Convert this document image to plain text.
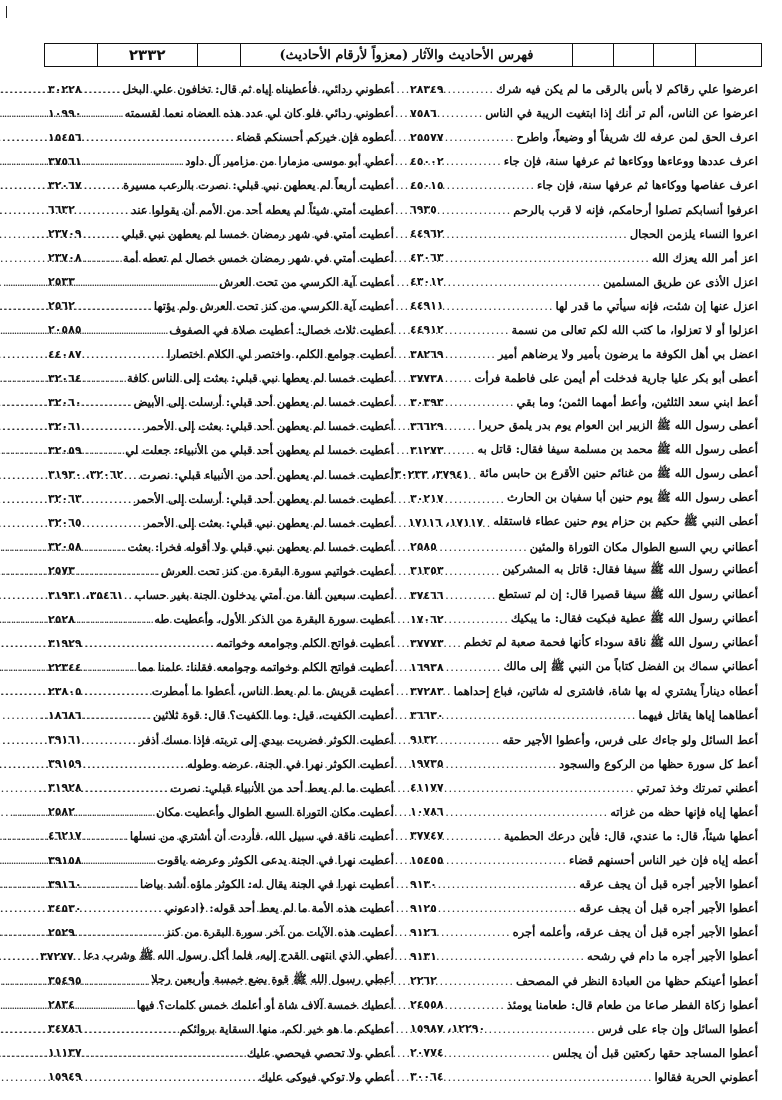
٢٣٣٢	فهرس الأحاديث والآثار (معزواً لأرقام الأحاديث)
أعطوني ردائي، فأعطيناه إياه ثم قال: تخافون علي البخل
.....
٣٠٢٢٨
أعطوني ردائي فلو كان لي عدد هذه العضاه نعما لقسمته
.....
١٠٩٩٠
أعطوه فإن خيركم أحسنكم قضاء
.....
١٥٤٥٦
أعطي أبو موسى مزمارا من مزامير آل داود
.....
٣٧٥٦١
أعطيت أربعاً لم يعطهن نبي قبلي: نصرت بالرعب مسيرة
.....
٣٢٠٦٧
أعطيت أمتي شيئاً لم يعطه أحد من الأمم أن يقولوا عند
.....
٦٦٣٢
أعطيت أمتي في شهر رمضان خمسا لم يعطهن نبي قبلي
.....
٢٣٧٠٩
أعطيت أمتي في شهر رمضان خمس خصال لم تعطه أمة
.....
٢٣٧٠٨
أعطيت آية الكرسي من تحت العرش
.....
٢٥٣٣
أعطيت آية الكرسي من كنز تحت العرش ولم يؤتها
.....
٢٥٦٢
أعطيت ثلاث خصال: أعطيت صلاة في الصفوف
.....
٢٠٥٨٥
أعطيت جوامع الكلم، واختصر لي الكلام اختصارا
.....
٤٤٠٨٧
أعطيت خمسا لم يعطها نبي قبلي: بعثت إلى الناس كافة
.....
٣٢٠٦٤
أعطيت خمسا لم يعطهن أحد قبلي: أرسلت إلى الأبيض
.....
٣٢٠٦٠
أعطيت خمسا لم يعطهن أحد قبلي: بعثت إلى الأحمر
.....
٣٢٠٦١
أعطيت خمسا لم يعطهن أحد قبلي من الأنبياء: جعلت لي
.....
٣٢٠٥٩
أعطيت خمسا لم يعطهن أحد من الأنبياء قبلي: نصرت
.....
٣٢٠٦٢، ٣١٩٣٠
أعطيت خمسا لم يعطهن أحد قبلي: أرسلت إلى الأحمر
.....
٣٢٠٦٣
أعطيت خمسا لم يعطهن نبي قبلي: بعثت إلى الأحمر
.....
٣٢٠٦٥
أعطيت خمسا لم يعطهن نبي قبلي ولا أقوله فخرا: بعثت
.....
٣٢٠٥٨
أعطيت خواتيم سورة البقرة من كنز تحت العرش
.....
٢٥٧٣
أعطيت سبعين ألفا من أمتي يدخلون الجنة بغير حساب
.....
٣٥٤٦١، ٣١٩٣١
أعطيت سورة البقرة من الذكر الأول، وأعطيت طه
.....
٢٥٢٨
أعطيت فواتح الكلم وجوامعه وخواتمه
.....
٣١٩٢٩
أعطيت فواتح الكلم وخواتمه وجوامعه فقلنا: علمنا مما
.....
٢٢٣٤٤
أعطيت قريش ما لم يعط الناس، أعطوا ما أمطرت
.....
٢٣٨٠٥
أعطيت الكفيت، قيل: وما الكفيت؟ قال: قوة ثلاثين
.....
١٨٦٨٦
أعطيت الكوثر فضربت بيدي إلى تربته فإذا مسك أذفر
.....
٣٩١٦١
أعطيت الكوثر نهرا في الجنة، عرضه وطوله
.....
٣٩١٥٩
أعطيت ما لم يعط أحد من الأنبياء قبلي: نصرت
.....
٣١٩٢٨
أعطيت مكان التوراة السبع الطوال وأعطيت مكان
.....
٢٥٨٢
أعطيت ناقة في سبيل الله، فأردت أن أشتري من نسلها
.....
٤٦٢١٧
أعطيت نهرا في الجنة يدعى الكوثر وعرضه ياقوت
.....
٣٩١٥٨
أعطيت نهرا في الجنة يقال له: الكوثر ماؤه أشد بياضا
.....
٣٩١٦٠
أعطيت هذه الأمة ما لم يعط أحد قوله: ﴿ادعوني
.....
٣٤٥٣٠
أعطيت هذه الآيات من آخر سورة البقرة من كنز
.....
٢٥٢٩
أعطي الذي انتهى القدح إليه، فلما أكل رسول الله ﷺ وشرب دعا
.....
٣٧٢٧٧
أعطي رسول الله ﷺ قوة بضع خمسة وأربعين رجلا
.....
٣٥٤٩٥
أعطيك خمسة آلاف شاة أو أعلمك خمس كلمات؟ فيها
.....
٢٨٣٤
أعطيكم ما هو خير لكم، منها السقاية بروائكم
.....
٣٤٧٨٦
أعطي ولا تحصي فيحصي عليك
.....
١١١٣٧
أعطي ولا توكي فيوكى عليك
.....
١٥٩٤٩
اعرضوا علي رقاكم لا بأس بالرقى ما لم يكن فيه شرك
.....
٢٨٣٤٩
اعرضوا عن الناس، ألم تر أنك إذا ابتغيت الريبة في الناس
.....
٧٥٨٦
اعرف الحق لمن عرفه لك شريفاً أو وضيعاً، واطرح
.....
٢٥٥٧٧
اعرف عددها ووعاءها ووكاءها ثم عرفها سنة، فإن جاء
.....
٤٥٠٠٢
اعرف عفاصها ووكاءها ثم عرفها سنة، فإن جاء
.....
٤٥٠١٥
اعرفوا أنسابكم تصلوا أرحامكم، فإنه لا قرب بالرحم
.....
٦٩٣٥
اعروا النساء يلزمن الحجال
.....
٤٤٩٦٢
اعز أمر الله يعزك الله
.....
٤٣٠٦٣
اعزل الأذى عن طريق المسلمين
.....
٤٣٠١٢
اعزل عنها إن شئت، فإنه سيأتي ما قدر لها
.....
٤٤٩١١
اعزلوا أو لا تعزلوا، ما كتب الله لكم تعالى من نسمة
.....
٤٤٩١٢
اعضل بي أهل الكوفة ما يرضون بأمير ولا يرضاهم أمير
.....
٣٨٢٦٩
أعطى أبو بكر عليا جارية فدخلت أم أيمن على فاطمة فرأت
.....
٣٧٧٣٨
أعط ابني سعد الثلثين، وأعط أمهما الثمن؛ وما بقي
.....
٣٠٣٩٣
أعطى رسول الله ﷺ الزبير ابن العوام يوم بدر يلمق حريرا
.....
٣٦٦٢٩
أعطى رسول الله ﷺ محمد بن مسلمة سيفا فقال: قاتل به
.....
٣١٢٧٣
أعطى رسول الله ﷺ من غنائم حنين الأقرع بن حابس مائة
.....
٣٧٩٤١، ٣٠٢٣٣
أعطى رسول الله ﷺ يوم حنين أبا سفيان بن الحارث
.....
٣٠٢١٧
أعطى النبي ﷺ حكيم بن حزام يوم حنين عطاء فاستقله
.....
١٧١١٧، ١٧١١٦
أعطاني ربي السبع الطوال مكان التوراة والمئين
.....
٢٥٨٥
أعطاني رسول الله ﷺ سيفا فقال: قاتل به المشركين
.....
٣١٣٥٣
أعطاني رسول الله ﷺ سيفا قصيرا قال: إن لم تستطع
.....
٣٧٤٦٦
أعطاني رسول الله ﷺ عطية فبكيت فقال: ما يبكيك
.....
١٧٠٦٢
أعطاني رسول الله ﷺ ناقة سوداء كأنها فحمة صعبة لم تخطم
.....
٣٧٧٧٣
أعطاني سماك بن الفضل كتاباً من النبي ﷺ إلى مالك
.....
١٦٩٣٨
أعطاه ديناراً يشتري له بها شاة، فاشترى له شاتين، فباع إحداهما
.....
٣٧٢٨٣
أعطاهما إياها يقاتل فيهما
.....
٣٦٦٣٠
أعط السائل ولو جاءك على فرس، وأعطوا الأجير حقه
.....
٩١٣٢
أعط كل سورة حظها من الركوع والسجود
.....
١٩٧٣٥
أعطني تمرتك وخذ تمرتي
.....
٤١١٧٧
أعطها إياه فإنها حظه من غزاته
.....
١٠٧٨٦
أعطها شيئاً، قال: ما عندي، قال: فأين درعك الحطمية
.....
٣٧٧٤٧
أعطه إياه فإن خير الناس أحسنهم قضاء
.....
١٥٤٥٥
أعطوا الأجير أجره قبل أن يجف عرقه
.....
٩١٣٠
أعطوا الأجير أجره قبل أن يجف عرقه
.....
٩١٢٥
أعطوا الأجير أجره قبل أن يجف عرقه، وأعلمه أجره
.....
٩١٢٦
أعطوا الأجير أجره ما دام في رشحه
.....
٩١٣١
أعطوا أعينكم حظها من العبادة النظر في المصحف
.....
٢٢٦٢
أعطوا زكاة الفطر صاعا من طعام قال: طعامنا يومئذ
.....
٢٤٥٥٨
أعطوا السائل وإن جاء على فرس
.....
١٢٢٩٠، ١٥٩٨٧
أعطوا المساجد حقها ركعتين قبل أن يجلس
.....
٢٠٧٧٤
أعطوني الحربة فقالوا
.....
٣٠٠٦٤
